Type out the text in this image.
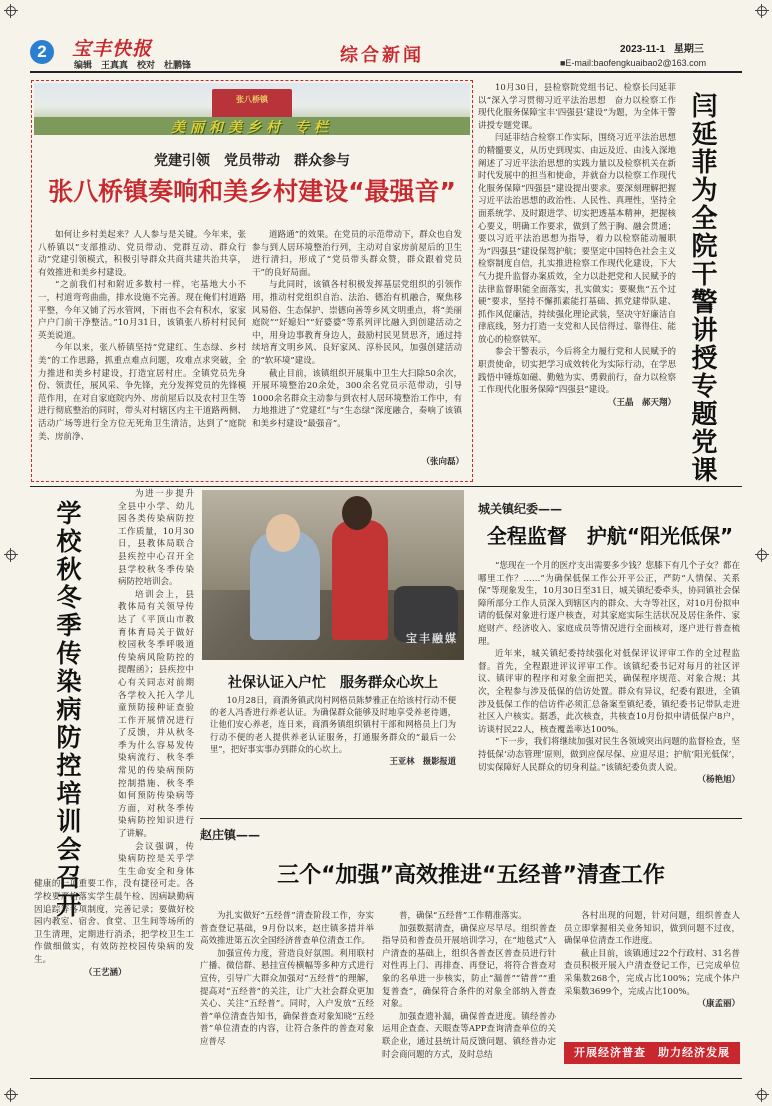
2	宝丰快报
编辑　王真真　校对　杜鹏锋	综合新闻	2023-11-1 星期三
■E-mail:baofengkuaibao2@163.com
张八桥镇
美丽和美乡村 专栏
党建引领　党员带动　群众参与
张八桥镇奏响和美乡村建设“最强音”

如何让乡村美起来？人人参与是关键。今年来，张八桥镇以“支部推动、党员带动、党群互动、群众行动”党建引领模式，积极引导群众共商共建共治共享，有效推进和美乡村建设。

“之前我们村和附近多数村一样，宅基地大小不一，村道弯弯曲曲，排水设施不完善。现在俺们村道路平整，今年又铺了污水管网，下雨也不会有积水，家家户户门前干净整洁。”10月31日，该镇张八桥村村民何英美说道。

今年以来，张八桥镇坚持“党建红、生态绿、乡村美”的工作思路，抓重点难点问题，攻难点求突破，全力推进和美乡村建设，打造宜居村庄。全镇党员先身份、领责任，展风采、争先锋，充分发挥党员的先锋模范作用，在对自家庭院内外、房前屋后以及农村卫生等进行彻底整治的同时，带头对村辖区内主干道路两侧、活动广场等进行全方位无死角卫生清洁，达到了“庭院美、房前净、

道路通”的效果。在党员的示范带动下，群众也自发参与到人居环境整治行列，主动对自家房前屋后的卫生进行清扫，形成了“党员带头群众赞，群众跟着党员干”的良好局面。

与此同时，该镇各村积极发挥基层党组织的引领作用，推动村党组织自治、法治、德治有机融合，聚焦移风易俗、生态保护、崇德向善等乡风文明重点，将“美丽庭院”“好媳妇”“好婆婆”等系列评比融入到创建活动之中，用身边事教育身边人，鼓励村民见贤思齐，通过持续培育文明乡风、良好家风、淳朴民风，加强创建活动的“软环境”建设。

截止目前，该镇组织开展集中卫生大扫除50余次，开展环境整治20余处，300余名党员示范带动，引导1000余名群众主动参与到农村人居环境整治工作中，有力地推进了“党建红”与“生态绿”深度融合，奏响了该镇和美乡村建设“最强音”。

（张向磊）

10月30日，县检察院党组书记、检察长闫延菲以“深入学习贯彻习近平法治思想　奋力以检察工作现代化服务保障宝丰‘四强县’建设”为题，为全体干警讲授专题党课。

闫延菲结合检察工作实际，围绕习近平法治思想的精髓要义，从历史到现实、由远及近、由浅入深地阐述了习近平法治思想的实践力量以及检察机关在新时代发展中的担当和使命，并就奋力以检察工作现代化服务保障“四强县”建设提出要求。要深刻理解把握习近平法治思想的政治性、人民性、真理性，坚持全面系统学、及时跟进学、切实把透基本精神，把握核心要义，明确工作要求，做到了然于胸、融会贯通；要以习近平法治思想为指导，着力以检察能动履职为“四强县”建设保驾护航；要坚定中国特色社会主义检察制度自信，扎实推进检察工作现代化建设，下大气力提升监督办案质效，全力以赴把党和人民赋予的法律监督职能全面落实，扎实做实；要聚焦“五个过硬”要求，坚持不懈抓素能打基础、抓党建带队建、抓作风促廉洁，持续强化理论武装，坚决守好廉洁自律底线，努力打造一支党和人民信得过、靠得住、能放心的检察铁军。

参会干警表示，今后将全力履行党和人民赋予的职责使命，切实把学习成效转化为实际行动，在学思践悟中锤炼如磁、勤勉为实、勇毅前行，奋力以检察工作现代化服务保障“四强县”建设。

（王晶　郝天翔） 闫延菲为全院干警讲授专题党课
学校秋冬季传染病防控培训会召开

为进一步提升全县中小学、幼儿园各类传染病防控工作质量，10月30日，县教体局联合县疾控中心召开全县学校秋冬季传染病防控培训会。

培训会上，县教体局有关领导传达了《平顶山市教育体育局关于做好校园秋冬季呼吸道传染病风险防控的提醒函》；县疾控中心有关同志对前期各学校入托入学儿童预防接种证查验工作开展情况进行了反馈，并从秋冬季为什么容易发传染病流行、秋冬季常见的传染病预防控制措施、秋冬季如何预防传染病等方面，对秋冬季传染病防控知识进行了讲解。

会议强调，传染病防控是关乎学生生命安全和身体健康的一项重要工作，没有捷径可走。各学校要严格落实学生晨午检、因病缺勤病因追踪等各项制度，完善记录；要做好校园内教室、宿舍、食堂、卫生间等场所的卫生清理，定期进行消杀，把学校卫生工作做细做实，有效防控校园传染病的发生。

（王艺涵）
宝丰融媒
社保认证入户忙　服务群众心坎上

10月28日，商酒务镇武岗村网格员陈梦雅正在给该村行动不便的老人冯香进行养老认证。为确保群众能够及时地享受养老待遇，让他们安心养老，连日来，商酒务镇组织镇村干部和网格员上门为行动不便的老人提供养老认证服务，打通服务群众的“最后一公里”，把好事实事办到群众的心坎上。

王亚林　摄影报道
城关镇纪委——
全程监督　护航“阳光低保”

“您现在一个月的医疗支出需要多少钱？您膝下有几个子女？都在哪里工作？……”为确保低保工作公开平公正，严防“人情保、关系保”等现象发生，10月30日至31日，城关镇纪委牵头，协同镇社会保障所部分工作人员深入到辖区内的群众、大寺等社区，对10月份拟申请的低保对象进行逐户核查，对其家庭实际生活状况及居住条件、家庭财产、经济收入、家庭成员等情况进行全面核对，逐户进行普查梳理。

近年来，城关镇纪委持续强化对低保评议评审工作的全过程监督。首先，全程跟进评议评审工作。该镇纪委书记对每月的社区评议、镇评审的程序和对象全面把关，确保程序规范、对象合规；其次，全程参与涉及低保的信访处置。群众有异议，纪委有跟进，全镇涉及低保工作的信访件必须汇总备案至镇纪委，镇纪委书记带队走进社区入户核实。据悉，此次核查，共核查10月份拟申请低保户8户，访谈村民22人，核查覆盖率达100%。

“下一步，我们将继续加强对民生各领域突出问题的监督检查，坚持低保‘动态管理’原则，做到应保尽保、应退尽退；护航‘阳光低保’，切实保障好人民群众的切身利益。”该镇纪委负责人说。

（杨艳旭）
赵庄镇——
三个“加强”高效推进“五经普”清查工作

为扎实做好“五经普”清查阶段工作，夯实普查登记基础，9月份以来，赵庄镇多措并举高效推进第五次全国经济普查单位清查工作。

加强宣传力度，营造良好氛围。利用联村广播、微信群、悬挂宣传横幅等多种方式进行宣传，引导广大群众加强对“五经普”的理解，提高对“五经普”的关注，让广大社会群众更加关心、关注“五经普”。同时，入户发放“五经普”单位清查告知书，确保普查对象知晓“五经普”单位清查的内容，让符合条件的普查对象应普尽

普，确保“五经普”工作精准落实。

加强数据清查，确保应尽早尽。组织普查指导员和普查员开展培训学习，在“地毯式”入户清查的基础上，组织各普查区普查员进行针对性再上门、再排查、再登记，将符合普查对象的名单进一步核实，防止“漏普”“错普”“重复普查”，确保符合条件的对象全部纳入普查对象。

加强查遗补漏，确保普查进度。镇经普办运用企查查、天眼查等APP查询清查单位的关联企业，通过县统计局反馈问题、镇经普办定时会商问题的方式，及时总结

各村出现的问题，针对问题，组织普查人员立即掌握相关业务知识，做到问题不过夜，确保单位清查工作进度。

截止目前，该镇通过22个行政村、31名普查员积极开展入户清查登记工作，已完成单位采集数268个，完成占比100%；完成个体户采集数3699个，完成占比100%。

（康孟丽）
开展经济普查　助力经济发展
